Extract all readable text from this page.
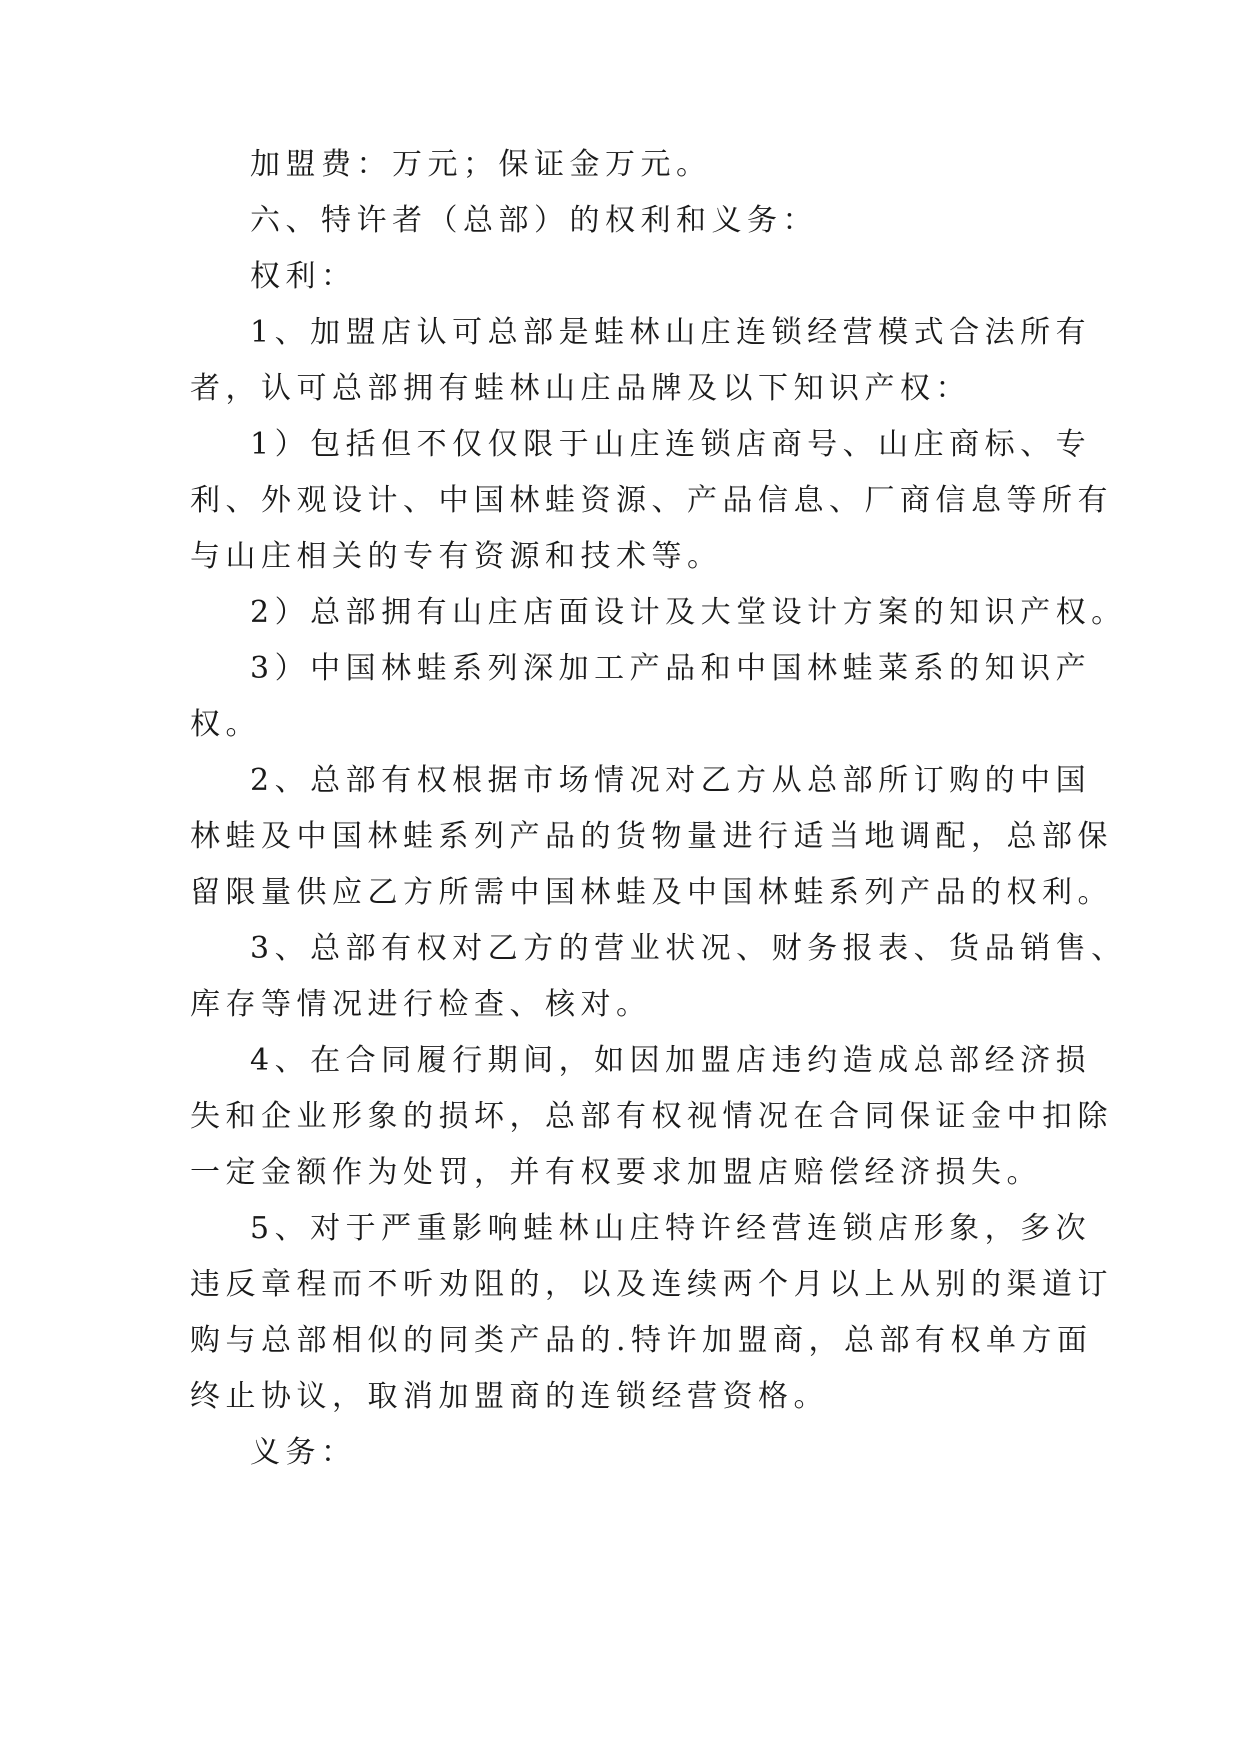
加盟费：万元；保证金万元。
六、特许者（总部）的权利和义务：
权利：
1、加盟店认可总部是蛙林山庄连锁经营模式合法所有
者，认可总部拥有蛙林山庄品牌及以下知识产权：
1）包括但不仅仅限于山庄连锁店商号、山庄商标、专
利、外观设计、中国林蛙资源、产品信息、厂商信息等所有
与山庄相关的专有资源和技术等。
2）总部拥有山庄店面设计及大堂设计方案的知识产权。
3）中国林蛙系列深加工产品和中国林蛙菜系的知识产
权。
2、总部有权根据市场情况对乙方从总部所订购的中国
林蛙及中国林蛙系列产品的货物量进行适当地调配，总部保
留限量供应乙方所需中国林蛙及中国林蛙系列产品的权利。
3、总部有权对乙方的营业状况、财务报表、货品销售、
库存等情况进行检查、核对。
4、在合同履行期间，如因加盟店违约造成总部经济损
失和企业形象的损坏，总部有权视情况在合同保证金中扣除
一定金额作为处罚，并有权要求加盟店赔偿经济损失。
5、对于严重影响蛙林山庄特许经营连锁店形象，多次
违反章程而不听劝阻的，以及连续两个月以上从别的渠道订
购与总部相似的同类产品的.特许加盟商，总部有权单方面
终止协议，取消加盟商的连锁经营资格。
义务：
